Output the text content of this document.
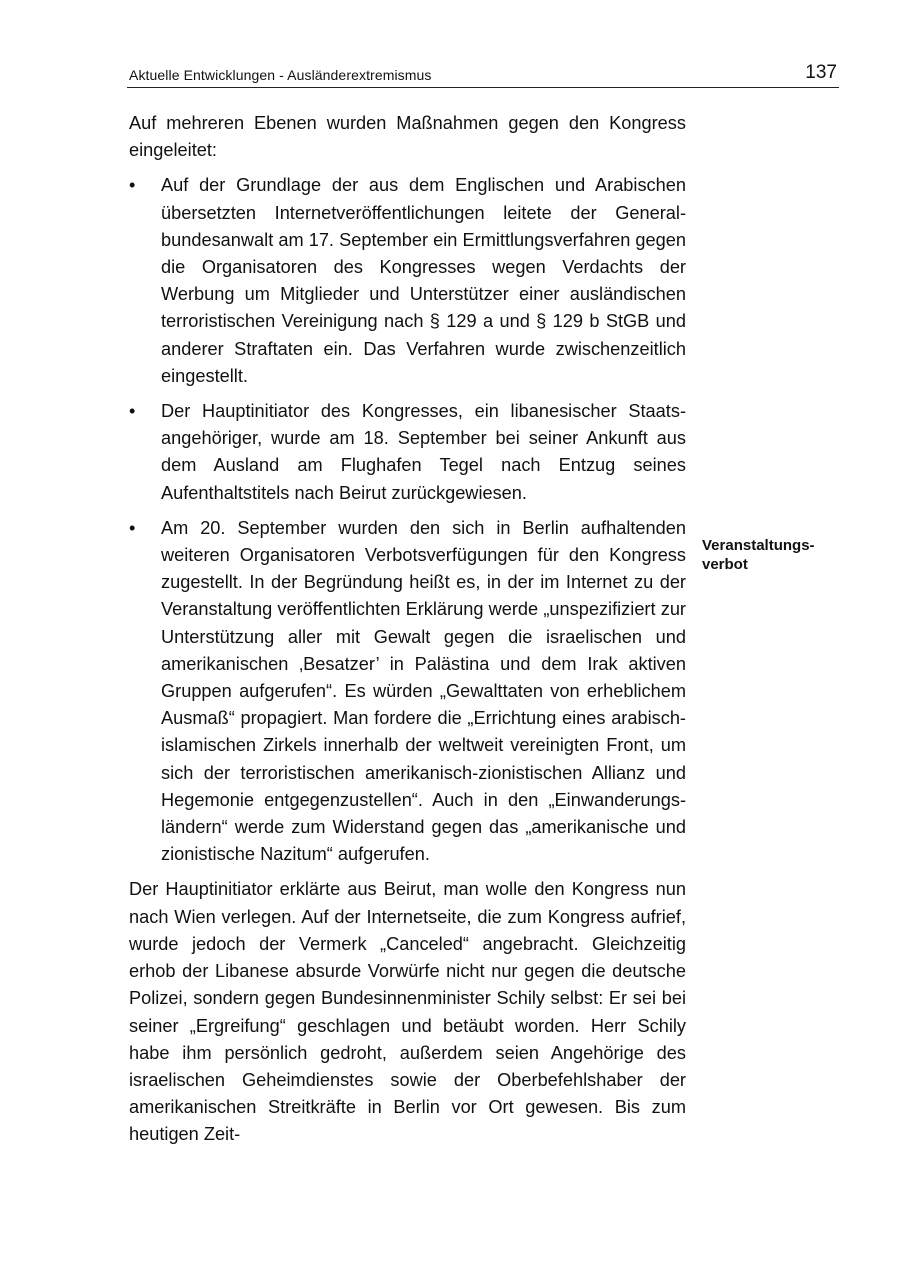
Aktuelle Entwicklungen - Ausländerextremismus	137

Auf mehreren Ebenen wurden Maßnahmen gegen den Kongress eingeleitet:

•	Auf der Grundlage der aus dem Englischen und Arabischen übersetzten Internetveröffentlichungen leitete der Generalbundesanwalt am 17. September ein Ermittlungsverfahren gegen die Organisatoren des Kongresses wegen Verdachts der Werbung um Mitglieder und Unterstützer einer ausländischen terroristischen Vereinigung nach § 129 a und § 129 b StGB und anderer Straftaten ein. Das Verfahren wurde zwischenzeitlich eingestellt.
•	Der Hauptinitiator des Kongresses, ein libanesischer Staatsangehöriger, wurde am 18. September bei seiner Ankunft aus dem Ausland am Flughafen Tegel nach Entzug seines Aufenthaltstitels nach Beirut zurückgewiesen.
•	Am 20. September wurden den sich in Berlin aufhaltenden weiteren Organisatoren Verbotsverfügungen für den Kongress zugestellt. In der Begründung heißt es, in der im Internet zu der Veranstaltung veröffentlichten Erklärung werde „unspezifiziert zur Unterstützung aller mit Gewalt gegen die israelischen und amerikanischen ‚Besatzer’ in Palästina und dem Irak aktiven Gruppen aufgerufen“. Es würden „Gewalttaten von erheblichem Ausmaß“ propagiert. Man fordere die „Errichtung eines arabisch-islamischen Zirkels innerhalb der weltweit vereinigten Front, um sich der terroristischen amerikanisch-zionistischen Allianz und Hegemonie entgegenzustellen“. Auch in den „Einwanderungsländern“ werde zum Widerstand gegen das „amerikanische und zionistische Nazitum“ aufgerufen.

Der Hauptinitiator erklärte aus Beirut, man wolle den Kongress nun nach Wien verlegen. Auf der Internetseite, die zum Kongress aufrief, wurde jedoch der Vermerk „Canceled“ angebracht. Gleichzeitig erhob der Libanese absurde Vorwürfe nicht nur gegen die deutsche Polizei, sondern gegen Bundesinnenminister Schily selbst: Er sei bei seiner „Ergreifung“ geschlagen und betäubt worden. Herr Schily habe ihm persönlich gedroht, außerdem seien Angehörige des israelischen Geheimdienstes sowie der Oberbefehlshaber der amerikanischen Streitkräfte in Berlin vor Ort gewesen. Bis zum heutigen Zeit-

Veranstaltungs-
verbot
